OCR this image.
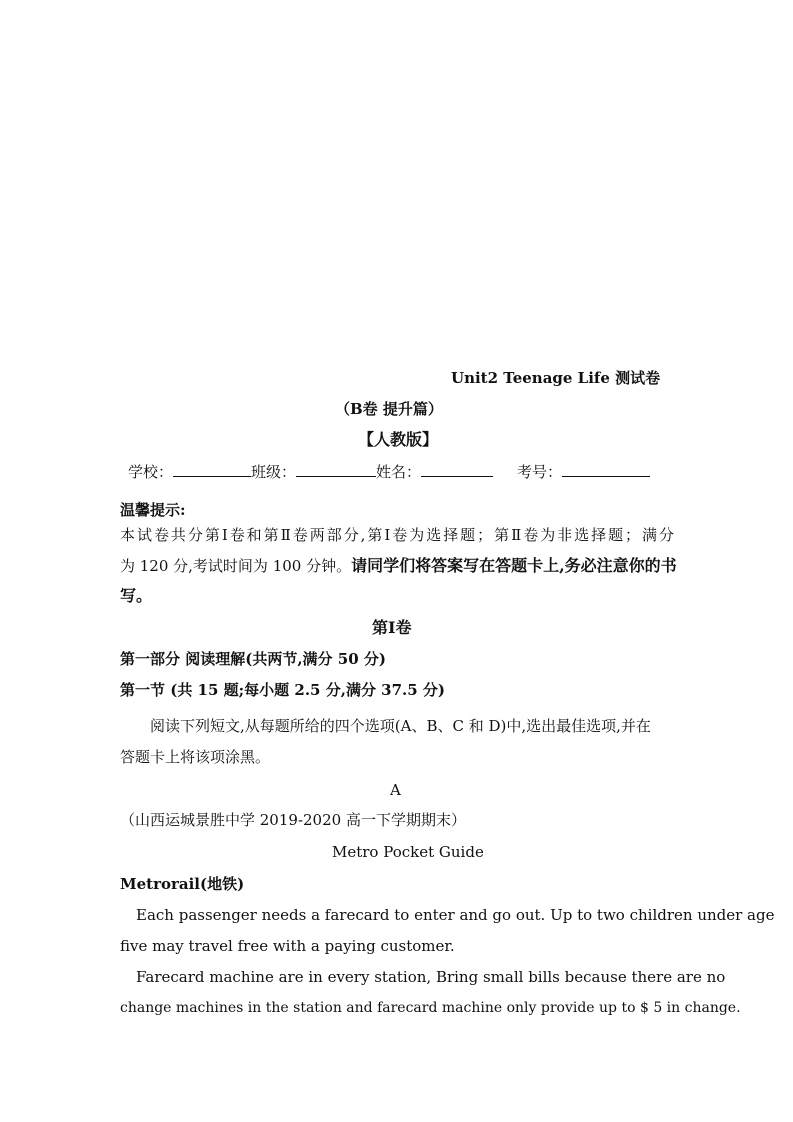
Unit2 Teenage Life 测试卷
（B卷 提升篇）
【人教版】
学校：	班级：	姓名：	考号：
温馨提示:
本试卷共分第Ⅰ卷和第Ⅱ卷两部分,第Ⅰ卷为选择题；第Ⅱ卷为非选择题；满分
为 120 分,考试时间为 100 分钟。请同学们将答案写在答题卡上,务必注意你的书
写。
第Ⅰ卷
第一部分 阅读理解(共两节,满分 50 分)
第一节 (共 15 题;每小题 2.5 分,满分 37.5 分)
阅读下列短文,从每题所给的四个选项(A、B、C 和 D)中,选出最佳选项,并在
答题卡上将该项涂黑。
A
（山西运城景胜中学 2019-2020 高一下学期期末）
Metro Pocket Guide
Metrorail(地铁)
Each passenger needs a farecard to enter and go out. Up to two children under age
five may travel free with a paying customer.
Farecard machine are in every station, Bring small bills because there are no
change machines in the station and farecard machine only provide up to $ 5 in change.
